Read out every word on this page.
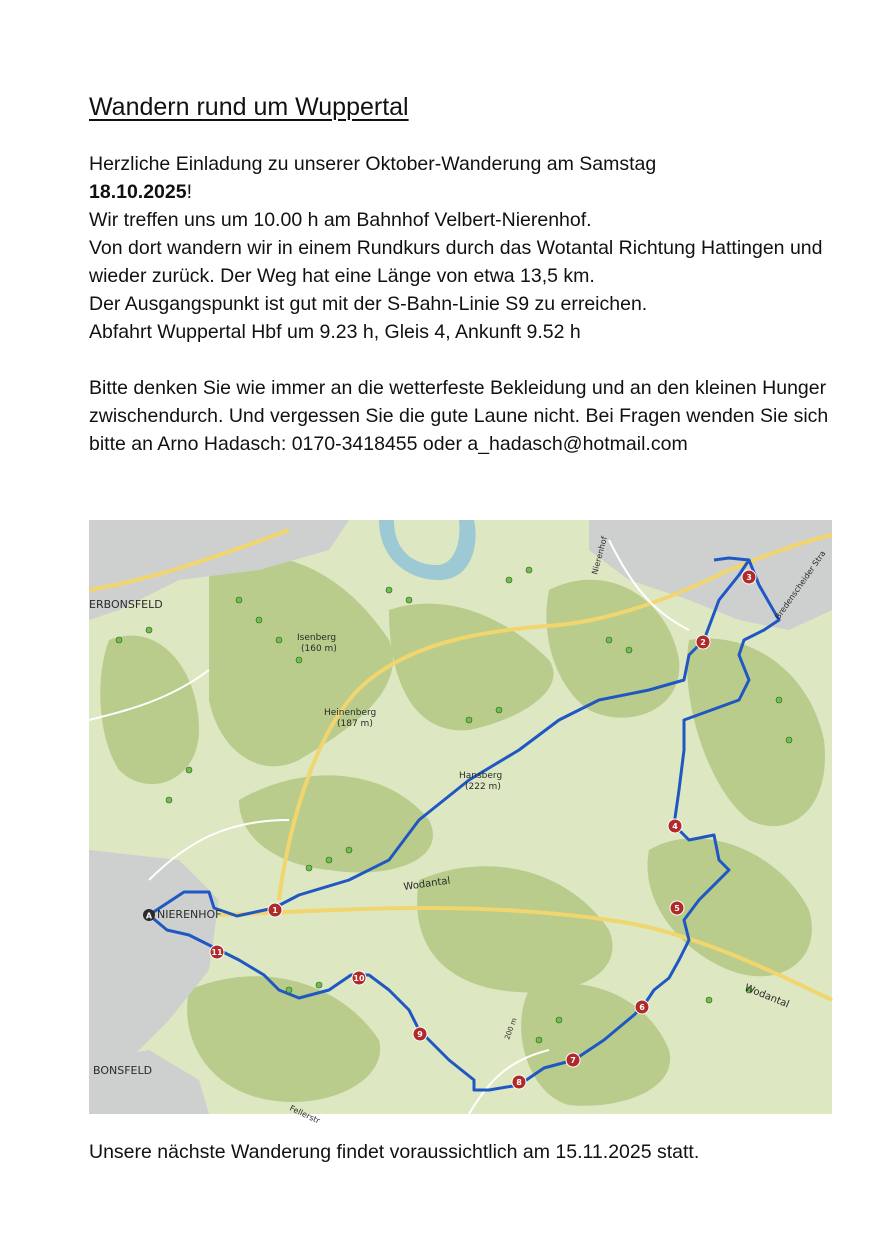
Wandern rund um Wuppertal

Herzliche Einladung zu unserer Oktober-Wanderung am Samstag

18.10.2025!

Wir treffen uns um 10.00 h am Bahnhof Velbert-Nierenhof.

Von dort wandern wir in einem Rundkurs durch das Wotantal Richtung Hattingen und wieder zurück. Der Weg hat eine Länge von etwa 13,5 km.

Der Ausgangspunkt ist gut mit der S-Bahn-Linie S9 zu erreichen.

Abfahrt Wuppertal Hbf um 9.23 h, Gleis 4, Ankunft 9.52 h

Bitte denken Sie wie immer an die wetterfeste Bekleidung und an den kleinen Hunger zwischendurch. Und vergessen Sie die gute Laune nicht. Bei Fragen wenden Sie sich bitte an Arno Hadasch: 0170-3418455 oder a_hadasch@hotmail.com

ERBONSFELD
NIERENHOF
BONSFELD
Isenberg
(160 m)
Heinenberg
(187 m)
Hansberg
(222 m)
Wodantal
Wodantal
Bredenscheider Stra
Nierenhof
Fellerstr
200 m
A
1
2
3
4
5
6
7
8
9
10
11
Unsere nächste Wanderung findet voraussichtlich am 15.11.2025 statt.
